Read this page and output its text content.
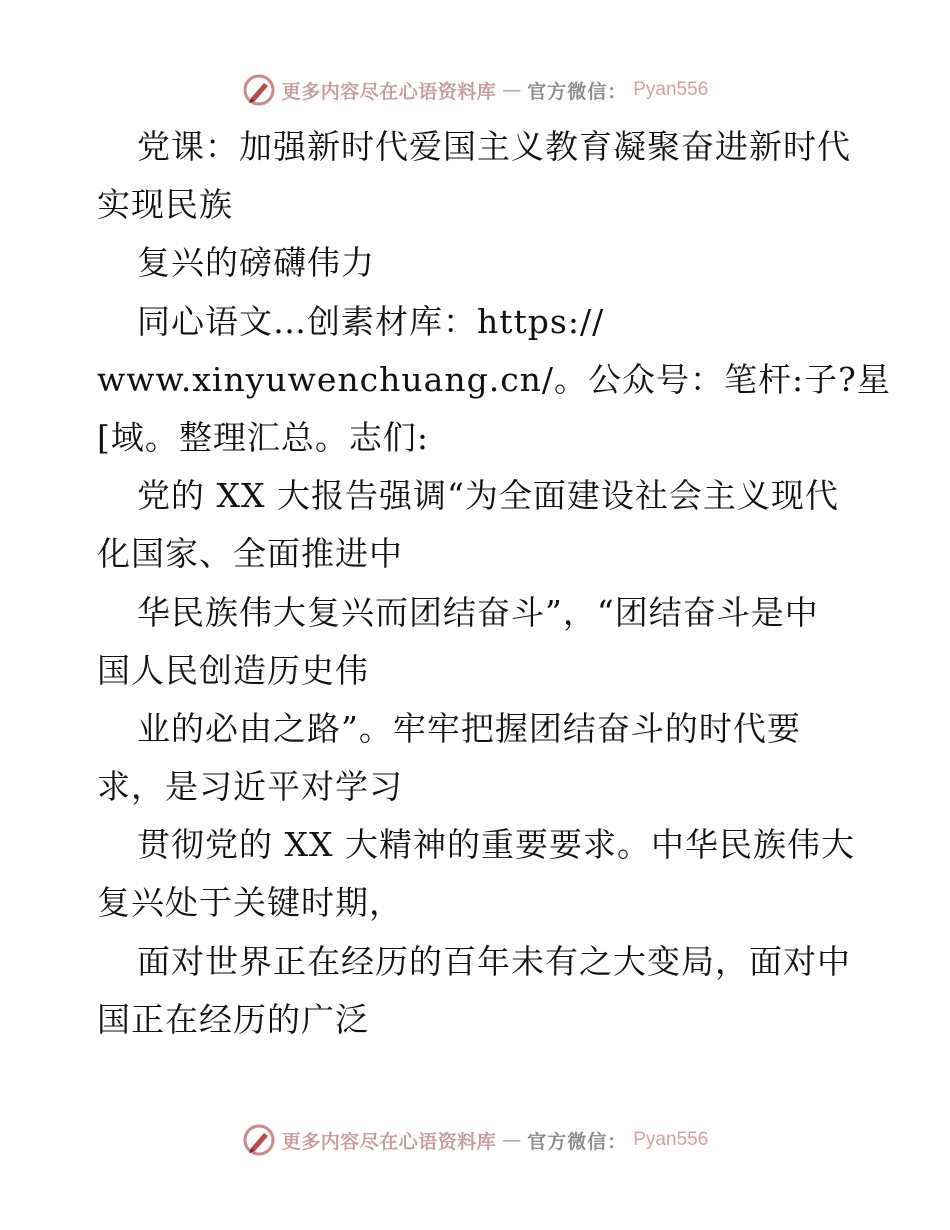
更多内容尽在心语资料库 — 官方微信： Pyan556
党课：加强新时代爱国主义教育凝聚奋进新时代
实现民族
复兴的磅礴伟力
同心语文…创素材库：https://
www.xinyuwenchuang.cn/。公众号：笔杆:子?星
[域。整理汇总。志们:
党的 XX 大报告强调“为全面建设社会主义现代
化国家、全面推进中
华民族伟大复兴而团结奋斗”，“团结奋斗是中
国人民创造历史伟
业的必由之路”。牢牢把握团结奋斗的时代要
求，是习近平对学习
贯彻党的 XX 大精神的重要要求。中华民族伟大
复兴处于关键时期，
面对世界正在经历的百年未有之大变局，面对中
国正在经历的广泛
更多内容尽在心语资料库 — 官方微信： Pyan556
